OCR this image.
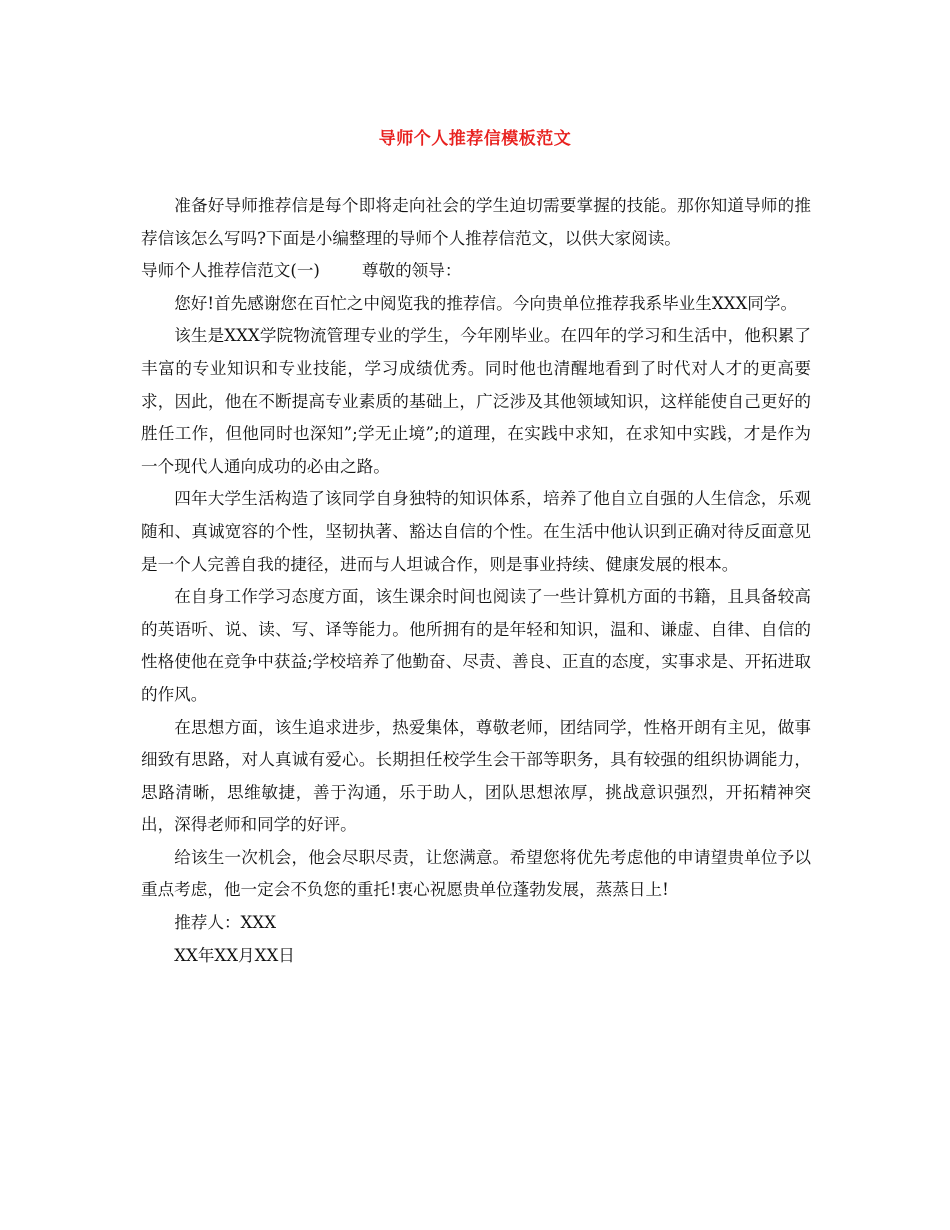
导师个人推荐信模板范文

准备好导师推荐信是每个即将走向社会的学生迫切需要掌握的技能。那你知道导师的推荐信该怎么写吗?下面是小编整理的导师个人推荐信范文，以供大家阅读。

导师个人推荐信范文(一)	尊敬的领导：

您好!首先感谢您在百忙之中阅览我的推荐信。今向贵单位推荐我系毕业生XXX同学。

该生是XXX学院物流管理专业的学生，今年刚毕业。在四年的学习和生活中，他积累了丰富的专业知识和专业技能，学习成绩优秀。同时他也清醒地看到了时代对人才的更高要求，因此，他在不断提高专业素质的基础上，广泛涉及其他领域知识，这样能使自己更好的胜任工作，但他同时也深知”;学无止境”;的道理，在实践中求知，在求知中实践，才是作为一个现代人通向成功的必由之路。

四年大学生活构造了该同学自身独特的知识体系，培养了他自立自强的人生信念，乐观随和、真诚宽容的个性，坚韧执著、豁达自信的个性。在生活中他认识到正确对待反面意见是一个人完善自我的捷径，进而与人坦诚合作，则是事业持续、健康发展的根本。

在自身工作学习态度方面，该生课余时间也阅读了一些计算机方面的书籍，且具备较高的英语听、说、读、写、译等能力。他所拥有的是年轻和知识，温和、谦虚、自律、自信的性格使他在竞争中获益;学校培养了他勤奋、尽责、善良、正直的态度，实事求是、开拓进取的作风。

在思想方面，该生追求进步，热爱集体，尊敬老师，团结同学，性格开朗有主见，做事细致有思路，对人真诚有爱心。长期担任校学生会干部等职务，具有较强的组织协调能力，思路清晰，思维敏捷，善于沟通，乐于助人，团队思想浓厚，挑战意识强烈，开拓精神突出，深得老师和同学的好评。

给该生一次机会，他会尽职尽责，让您满意。希望您将优先考虑他的申请望贵单位予以重点考虑，他一定会不负您的重托!衷心祝愿贵单位蓬勃发展，蒸蒸日上!

推荐人：XXX

XX年XX月XX日
